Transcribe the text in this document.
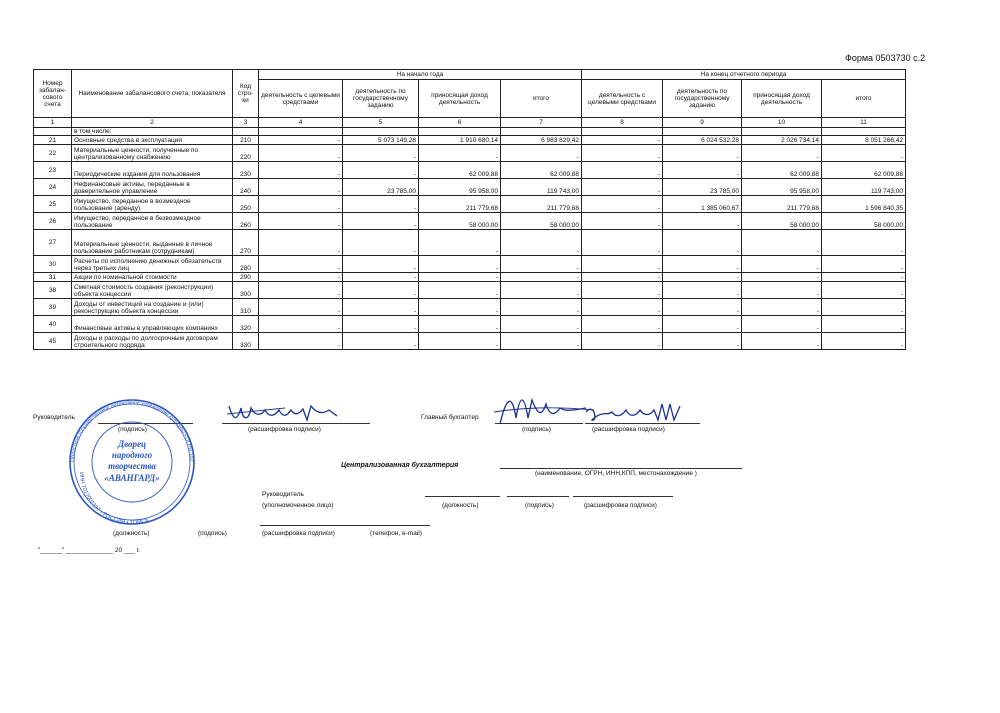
Форма 0503730 с.2
Номер забалан-сового счета	Наименование забалансового счета, показателя	Код стро-ки	На начало года				На конец отчетного периода			
			деятельность с целевыми средствами	деятельность по государственному заданию	приносящая доход деятельность	итого	деятельность с целевыми средствами	деятельность по государственному заданию	приносящая доход деятельность	итого
1	2	3	4	5	6	7	8	9	10	11
	в том числе:									
21	Основные средства в эксплуатации	210	-	5 073 149,28	1 910 680,14	6 983 829,42	-	6 024 532,28	2 026 734,14	8 051 266,42
22	Материальные ценности, полученные по централизованному снабжению	220	-	-	-	-	-	-	-	-
23	Периодические издания для пользования	230	-	-	62 009,88	62 009,88	-	-	62 009,88	62 009,88
24	Нефинансовые активы, переданные в доверительное управление	240	-	23 785,00	95 958,00	119 743,00	-	23 785,00	95 958,00	119 743,00
25	Имущество, переданное в возмездное пользование (аренду)	250	-	-	211 779,68	211 779,68	-	1 385 060,67	211 779,68	1 596 840,35
26	Имущество, переданное в безвозмездное пользование	260	-	-	58 000,00	58 000,00	-	-	58 000,00	58 000,00
27	Материальные ценности, выданные в личное пользование работникам (сотрудникам)	270	-	-	-	-	-	-	-	-
30	Расчеты по исполнению денежных обязательств через третьих лиц	280	-	-	-	-	-	-	-	-
31	Акции по номинальной стоимости	290	-	-	-	-	-	-	-	-
38	Сметная стоимость создания (реконструкции) объекта концессии	300	-	-	-	-	-	-	-	-
39	Доходы от инвестиций на создание и (или) реконструкцию объекта концессии	310	-	-	-	-	-	-	-	-
40	Финансовые активы в управляющих компаниях	320	-	-	-	-	-	-	-	-
45	Доходы и расходы по долгосрочным договорам строительного подряда	330	-	-	-	-	-	-	-	-
Руководитель
(подпись)	(расшифровка подписи)
Главный бухгалтер
(подпись)	(расшифровка подписи)
Централизованная бухгалтерия
(наименование, ОГРН, ИНН,КПП, местонахождение )
Руководитель
(уполномоченное лицо)	(должность)	(подпись)	(расшифровка подписи)
(должность)	(подпись)	(расшифровка подписи)	(телефон, e-mail)
"______" _____________ 20 ___ г.
Областное государственное автономное учреждение культуры • ОГРН 102
ИНН 7017002337 • РОССИЯ • ТОМСК
Дворец
народного
творчества
«АВАНГАРД»
